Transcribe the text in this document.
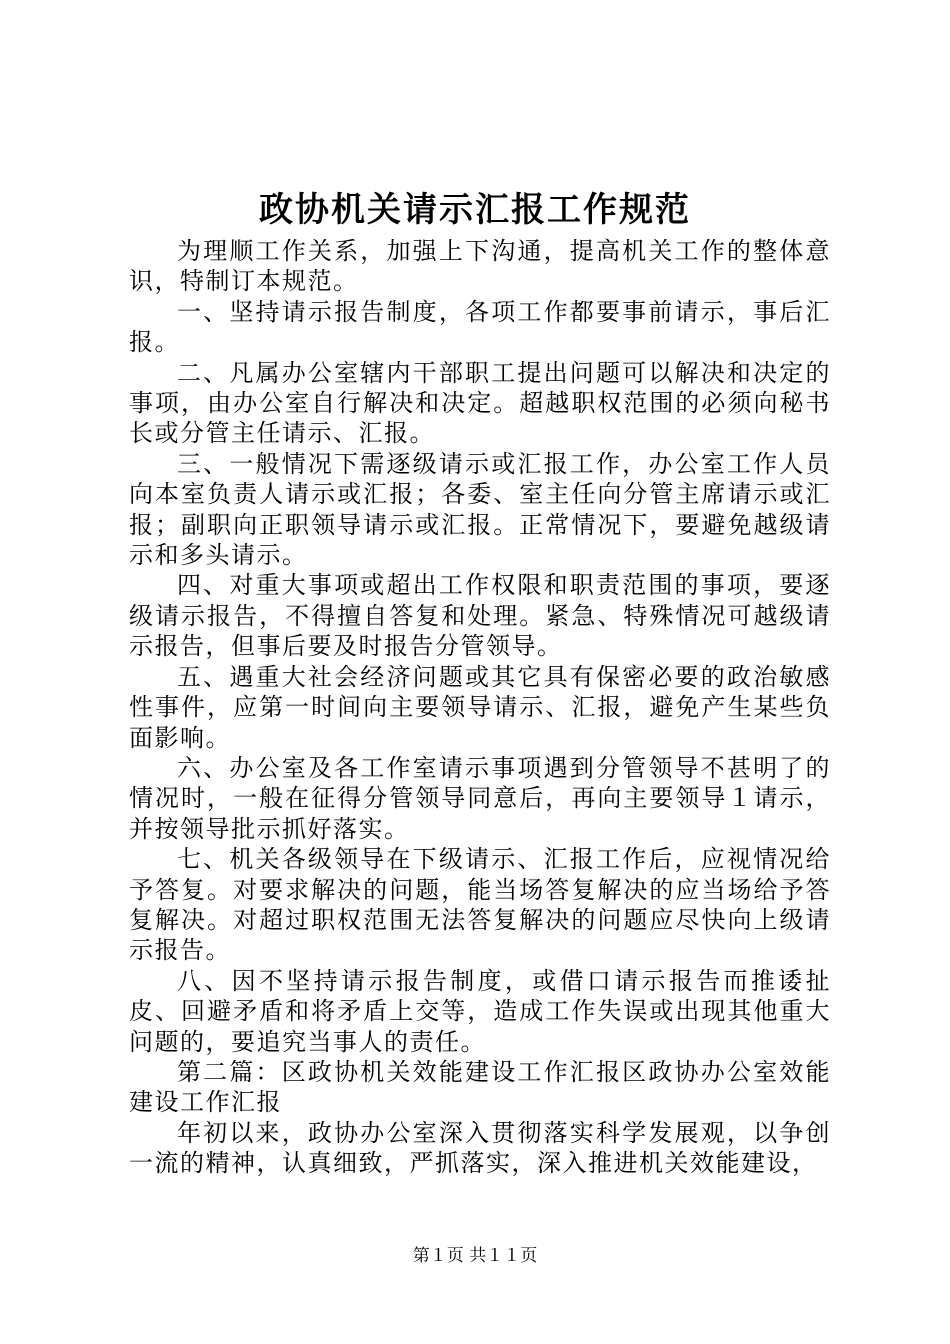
政协机关请示汇报工作规范

为理顺工作关系，加强上下沟通，提高机关工作的整体意识，特制订本规范。

一、坚持请示报告制度，各项工作都要事前请示，事后汇报。

二、凡属办公室辖内干部职工提出问题可以解决和决定的事项，由办公室自行解决和决定。超越职权范围的必须向秘书长或分管主任请示、汇报。

三、一般情况下需逐级请示或汇报工作，办公室工作人员向本室负责人请示或汇报；各委、室主任向分管主席请示或汇报；副职向正职领导请示或汇报。正常情况下，要避免越级请示和多头请示。

四、对重大事项或超出工作权限和职责范围的事项，要逐级请示报告，不得擅自答复和处理。紧急、特殊情况可越级请示报告，但事后要及时报告分管领导。

五、遇重大社会经济问题或其它具有保密必要的政治敏感性事件，应第一时间向主要领导请示、汇报，避免产生某些负面影响。

六、办公室及各工作室请示事项遇到分管领导不甚明了的情况时，一般在征得分管领导同意后，再向主要领导１请示，并按领导批示抓好落实。

七、机关各级领导在下级请示、汇报工作后，应视情况给予答复。对要求解决的问题，能当场答复解决的应当场给予答复解决。对超过职权范围无法答复解决的问题应尽快向上级请示报告。

八、因不坚持请示报告制度，或借口请示报告而推诿扯皮、回避矛盾和将矛盾上交等，造成工作失误或出现其他重大问题的，要追究当事人的责任。

第二篇：区政协机关效能建设工作汇报区政协办公室效能建设工作汇报

年初以来，政协办公室深入贯彻落实科学发展观，以争创一流的精神，认真细致，严抓落实，深入推进机关效能建设，

第１页 共１１页
